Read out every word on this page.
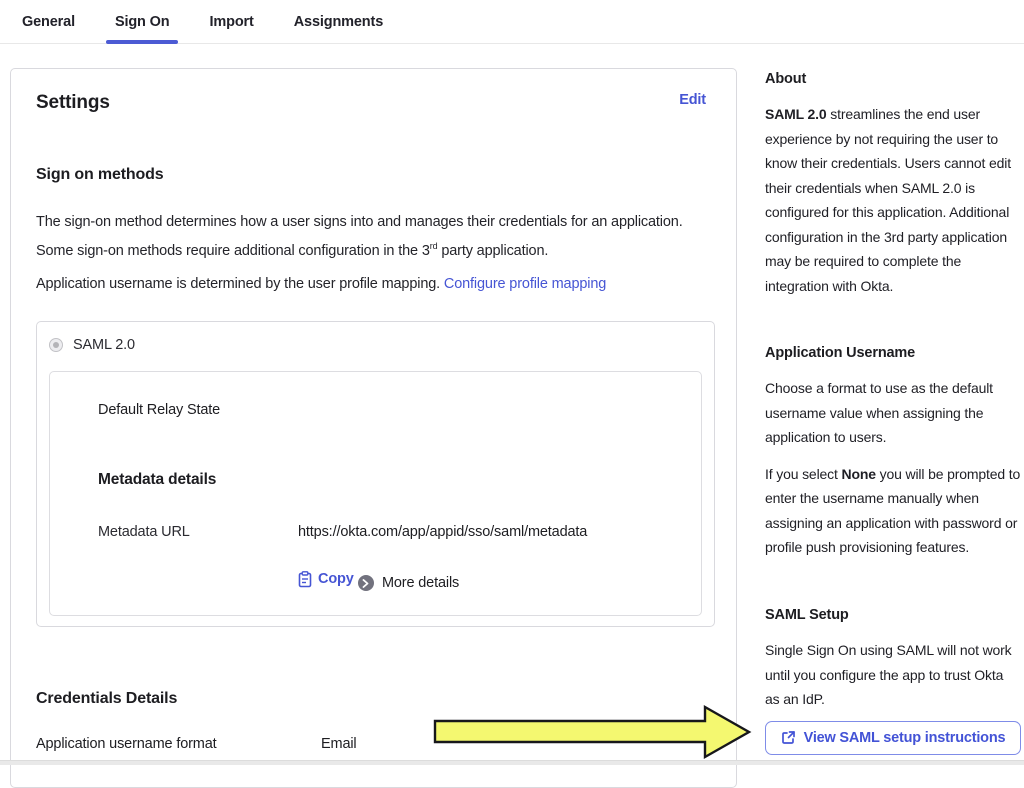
General	Sign On	Import	Assignments
Settings	Edit
Sign on methods

The sign-on method determines how a user signs into and manages their credentials for an application. Some sign-on methods require additional configuration in the 3rd party application.

Application username is determined by the user profile mapping. Configure profile mapping

SAML 2.0
Default Relay State
Metadata details
Metadata URL	https://okta.com/app/appid/sso/saml/metadata
Copy
More details
Credentials Details
Application username format	Email
About

SAML 2.0 streamlines the end user experience by not requiring the user to know their credentials. Users cannot edit their credentials when SAML 2.0 is configured for this application. Additional configuration in the 3rd party application may be required to complete the integration with Okta.

Application Username

Choose a format to use as the default username value when assigning the application to users.

If you select None you will be prompted to enter the username manually when assigning an application with password or profile push provisioning features.

SAML Setup

Single Sign On using SAML will not work until you configure the app to trust Okta as an IdP.

View SAML setup instructions
